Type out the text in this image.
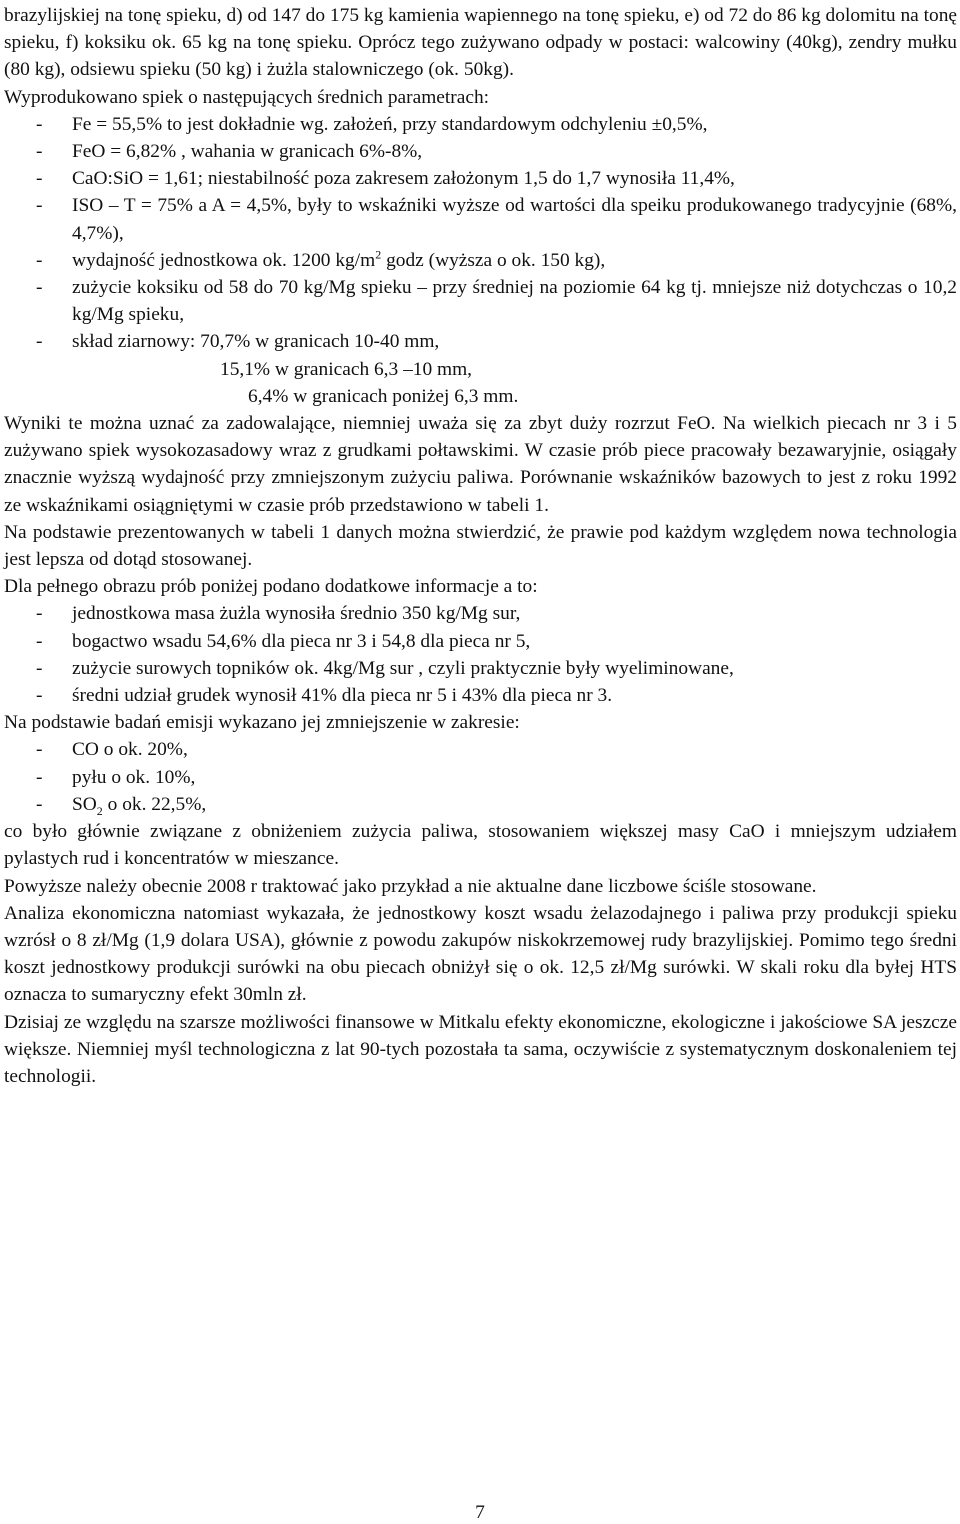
brazylijskiej na tonę spieku, d) od 147 do 175 kg kamienia wapiennego na tonę spieku, e) od 72 do 86 kg dolomitu na tonę spieku, f) koksiku ok. 65 kg na tonę spieku. Oprócz tego zużywano odpady w postaci: walcowiny (40kg), zendry mułku (80 kg), odsiewu spieku (50 kg) i żużla stalowniczego (ok. 50kg).

Wyprodukowano spiek o następujących średnich parametrach:

- Fe = 55,5% to jest dokładnie wg. założeń, przy standardowym odchyleniu ±0,5%,
- FeO = 6,82% , wahania w granicach 6%-8%,
- CaO:SiO = 1,61; niestabilność poza zakresem założonym 1,5 do 1,7 wynosiła 11,4%,
- ISO – T = 75% a A = 4,5%, były to wskaźniki wyższe od wartości dla speiku produkowanego tradycyjnie (68%, 4,7%),
- wydajność jednostkowa ok. 1200 $kg/m^2$ godz (wyższa o ok. 150 kg),
- zużycie koksiku od 58 do 70 kg/Mg spieku – przy średniej na poziomie 64 kg tj. mniejsze niż dotychczas o 10,2 kg/Mg spieku,
- skład ziarnowy: 70,7% w granicach 10-40 mm,
15,1% w granicach 6,3 –10 mm,
6,4% w granicach poniżej 6,3 mm.

Wyniki te można uznać za zadowalające, niemniej uważa się za zbyt duży rozrzut FeO. Na wielkich piecach nr 3 i 5 zużywano spiek wysokozasadowy wraz z grudkami połtawskimi. W czasie prób piece pracowały bezawaryjnie, osiągały znacznie wyższą wydajność przy zmniejszonym zużyciu paliwa. Porównanie wskaźników bazowych to jest z roku 1992 ze wskaźnikami osiągniętymi w czasie prób przedstawiono w tabeli 1.

Na podstawie prezentowanych w tabeli 1 danych można stwierdzić, że prawie pod każdym względem nowa technologia jest lepsza od dotąd stosowanej.

Dla pełnego obrazu prób poniżej podano dodatkowe informacje a to:

- jednostkowa masa żużla wynosiła średnio 350 kg/Mg sur,
- bogactwo wsadu 54,6% dla pieca nr 3 i 54,8 dla pieca nr 5,
- zużycie surowych topników ok. 4kg/Mg sur , czyli praktycznie były wyeliminowane,
- średni udział grudek wynosił 41% dla pieca nr 5 i 43% dla pieca nr 3.

Na podstawie badań emisji wykazano jej zmniejszenie w zakresie:

- CO o ok. 20%,
- pyłu o ok. 10%,
- $SO_2$ o ok. 22,5%,

co było głównie związane z obniżeniem zużycia paliwa, stosowaniem większej masy CaO i mniejszym udziałem pylastych rud i koncentratów w mieszance.

Powyższe należy obecnie 2008 r traktować jako przykład a nie aktualne dane liczbowe ściśle stosowane.

Analiza ekonomiczna natomiast wykazała, że jednostkowy koszt wsadu żelazodajnego i paliwa przy produkcji spieku wzrósł o 8 zł/Mg (1,9 dolara USA), głównie z powodu zakupów niskokrzemowej rudy brazylijskiej. Pomimo tego średni koszt jednostkowy produkcji surówki na obu piecach obniżył się o ok. 12,5 zł/Mg surówki. W skali roku dla byłej HTS oznacza to sumaryczny efekt 30mln zł.

Dzisiaj ze względu na szarsze możliwości finansowe w Mitkalu efekty ekonomiczne, ekologiczne i jakościowe SA jeszcze większe. Niemniej myśl technologiczna z lat 90-tych pozostała ta sama, oczywiście z systematycznym doskonaleniem tej technologii.

7
